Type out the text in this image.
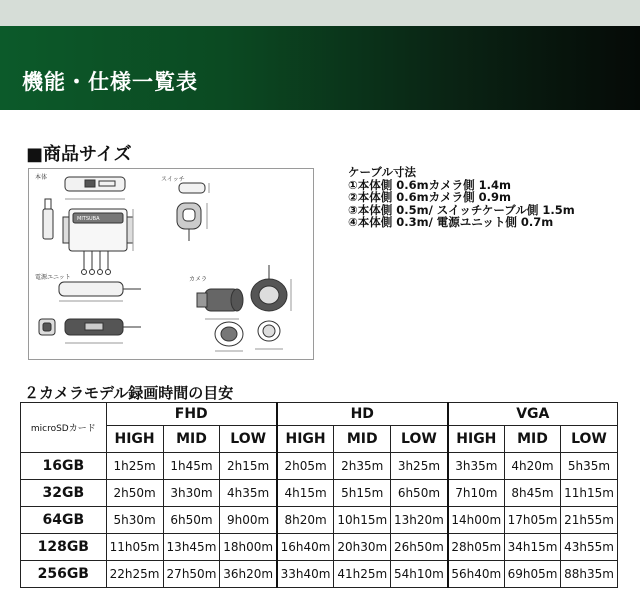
機能・仕様一覧表
■商品サイズ
本体
MITSUBA
スイッチ
電源ユニット	カメラ
ケーブル寸法
①本体側 0.6mカメラ側 1.4m
②本体側 0.6mカメラ側 0.9m
③本体側 0.5m/ スイッチケーブル側 1.5m
④本体側 0.3m/ 電源ユニット側 0.7m
２カメラモデル録画時間の目安
microSDカード	FHD			HD			VGA		
	HIGH	MID	LOW	HIGH	MID	LOW	HIGH	MID	LOW
16GB	1h25m	1h45m	2h15m	2h05m	2h35m	3h25m	3h35m	4h20m	5h35m
32GB	2h50m	3h30m	4h35m	4h15m	5h15m	6h50m	7h10m	8h45m	11h15m
64GB	5h30m	6h50m	9h00m	8h20m	10h15m	13h20m	14h00m	17h05m	21h55m
128GB	11h05m	13h45m	18h00m	16h40m	20h30m	26h50m	28h05m	34h15m	43h55m
256GB	22h25m	27h50m	36h20m	33h40m	41h25m	54h10m	56h40m	69h05m	88h35m
